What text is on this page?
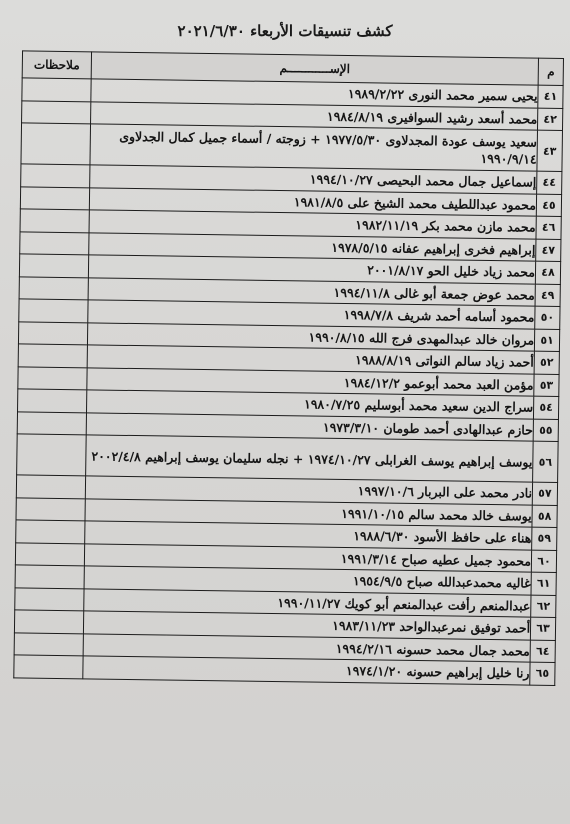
كشف تنسيقات الأربعاء ٢٠٢١/٦/٣٠
م	الإســــــــــــم	ملاحظات
٤١	يحيى سمير محمد النورى ١٩٨٩/٢/٢٢	
٤٢	محمد أسعد رشيد السوافيرى ١٩٨٤/٨/١٩	
٤٣	سعيد يوسف عودة المجدلاوى ١٩٧٧/٥/٣٠ + زوجته / أسماء جميل كمال الجدلاوى ١٩٩٠/٩/١٤	
٤٤	إسماعيل جمال محمد البحيصى ١٩٩٤/١٠/٢٧	
٤٥	محمود عبداللطيف محمد الشيخ على ١٩٨١/٨/٥	
٤٦	محمد مازن محمد بكر ١٩٨٢/١١/١٩	
٤٧	إبراهيم فخرى إبراهيم عفانه ١٩٧٨/٥/١٥	
٤٨	محمد زياد خليل الحو ٢٠٠١/٨/١٧	
٤٩	محمد عوض جمعة أبو غالى ١٩٩٤/١١/٨	
٥٠	محمود أسامه أحمد شريف ١٩٩٨/٧/٨	
٥١	مروان خالد عبدالمهدى فرج الله ١٩٩٠/٨/١٥	
٥٢	أحمد زياد سالم النواتى ١٩٨٨/٨/١٩	
٥٣	مؤمن العبد محمد أبوعمو ١٩٨٤/١٢/٢	
٥٤	سراج الدين سعيد محمد أبوسليم ١٩٨٠/٧/٢٥	
٥٥	حازم عبدالهادى أحمد طومان ١٩٧٣/٣/١٠	
٥٦	يوسف إبراهيم يوسف الغرابلى ١٩٧٤/١٠/٢٧ + نجله سليمان يوسف إبراهيم ٢٠٠٢/٤/٨	
٥٧	نادر محمد على البربار ١٩٩٧/١٠/٦	
٥٨	يوسف خالد محمد سالم ١٩٩١/١٠/١٥	
٥٩	هناء على حافظ الأسود ١٩٨٨/٦/٣٠	
٦٠	محمود جميل عطيه صباح ١٩٩١/٣/١٤	
٦١	غاليه محمدعبدالله صباح ١٩٥٤/٩/٥	
٦٢	عبدالمنعم رأفت عبدالمنعم أبو كويك ١٩٩٠/١١/٢٧	
٦٣	أحمد توفيق نمرعبدالواحد ١٩٨٣/١١/٢٣	
٦٤	محمد جمال محمد حسونه ١٩٩٤/٢/١٦	
٦٥	رنا خليل إبراهيم حسونه ١٩٧٤/١/٢٠	
